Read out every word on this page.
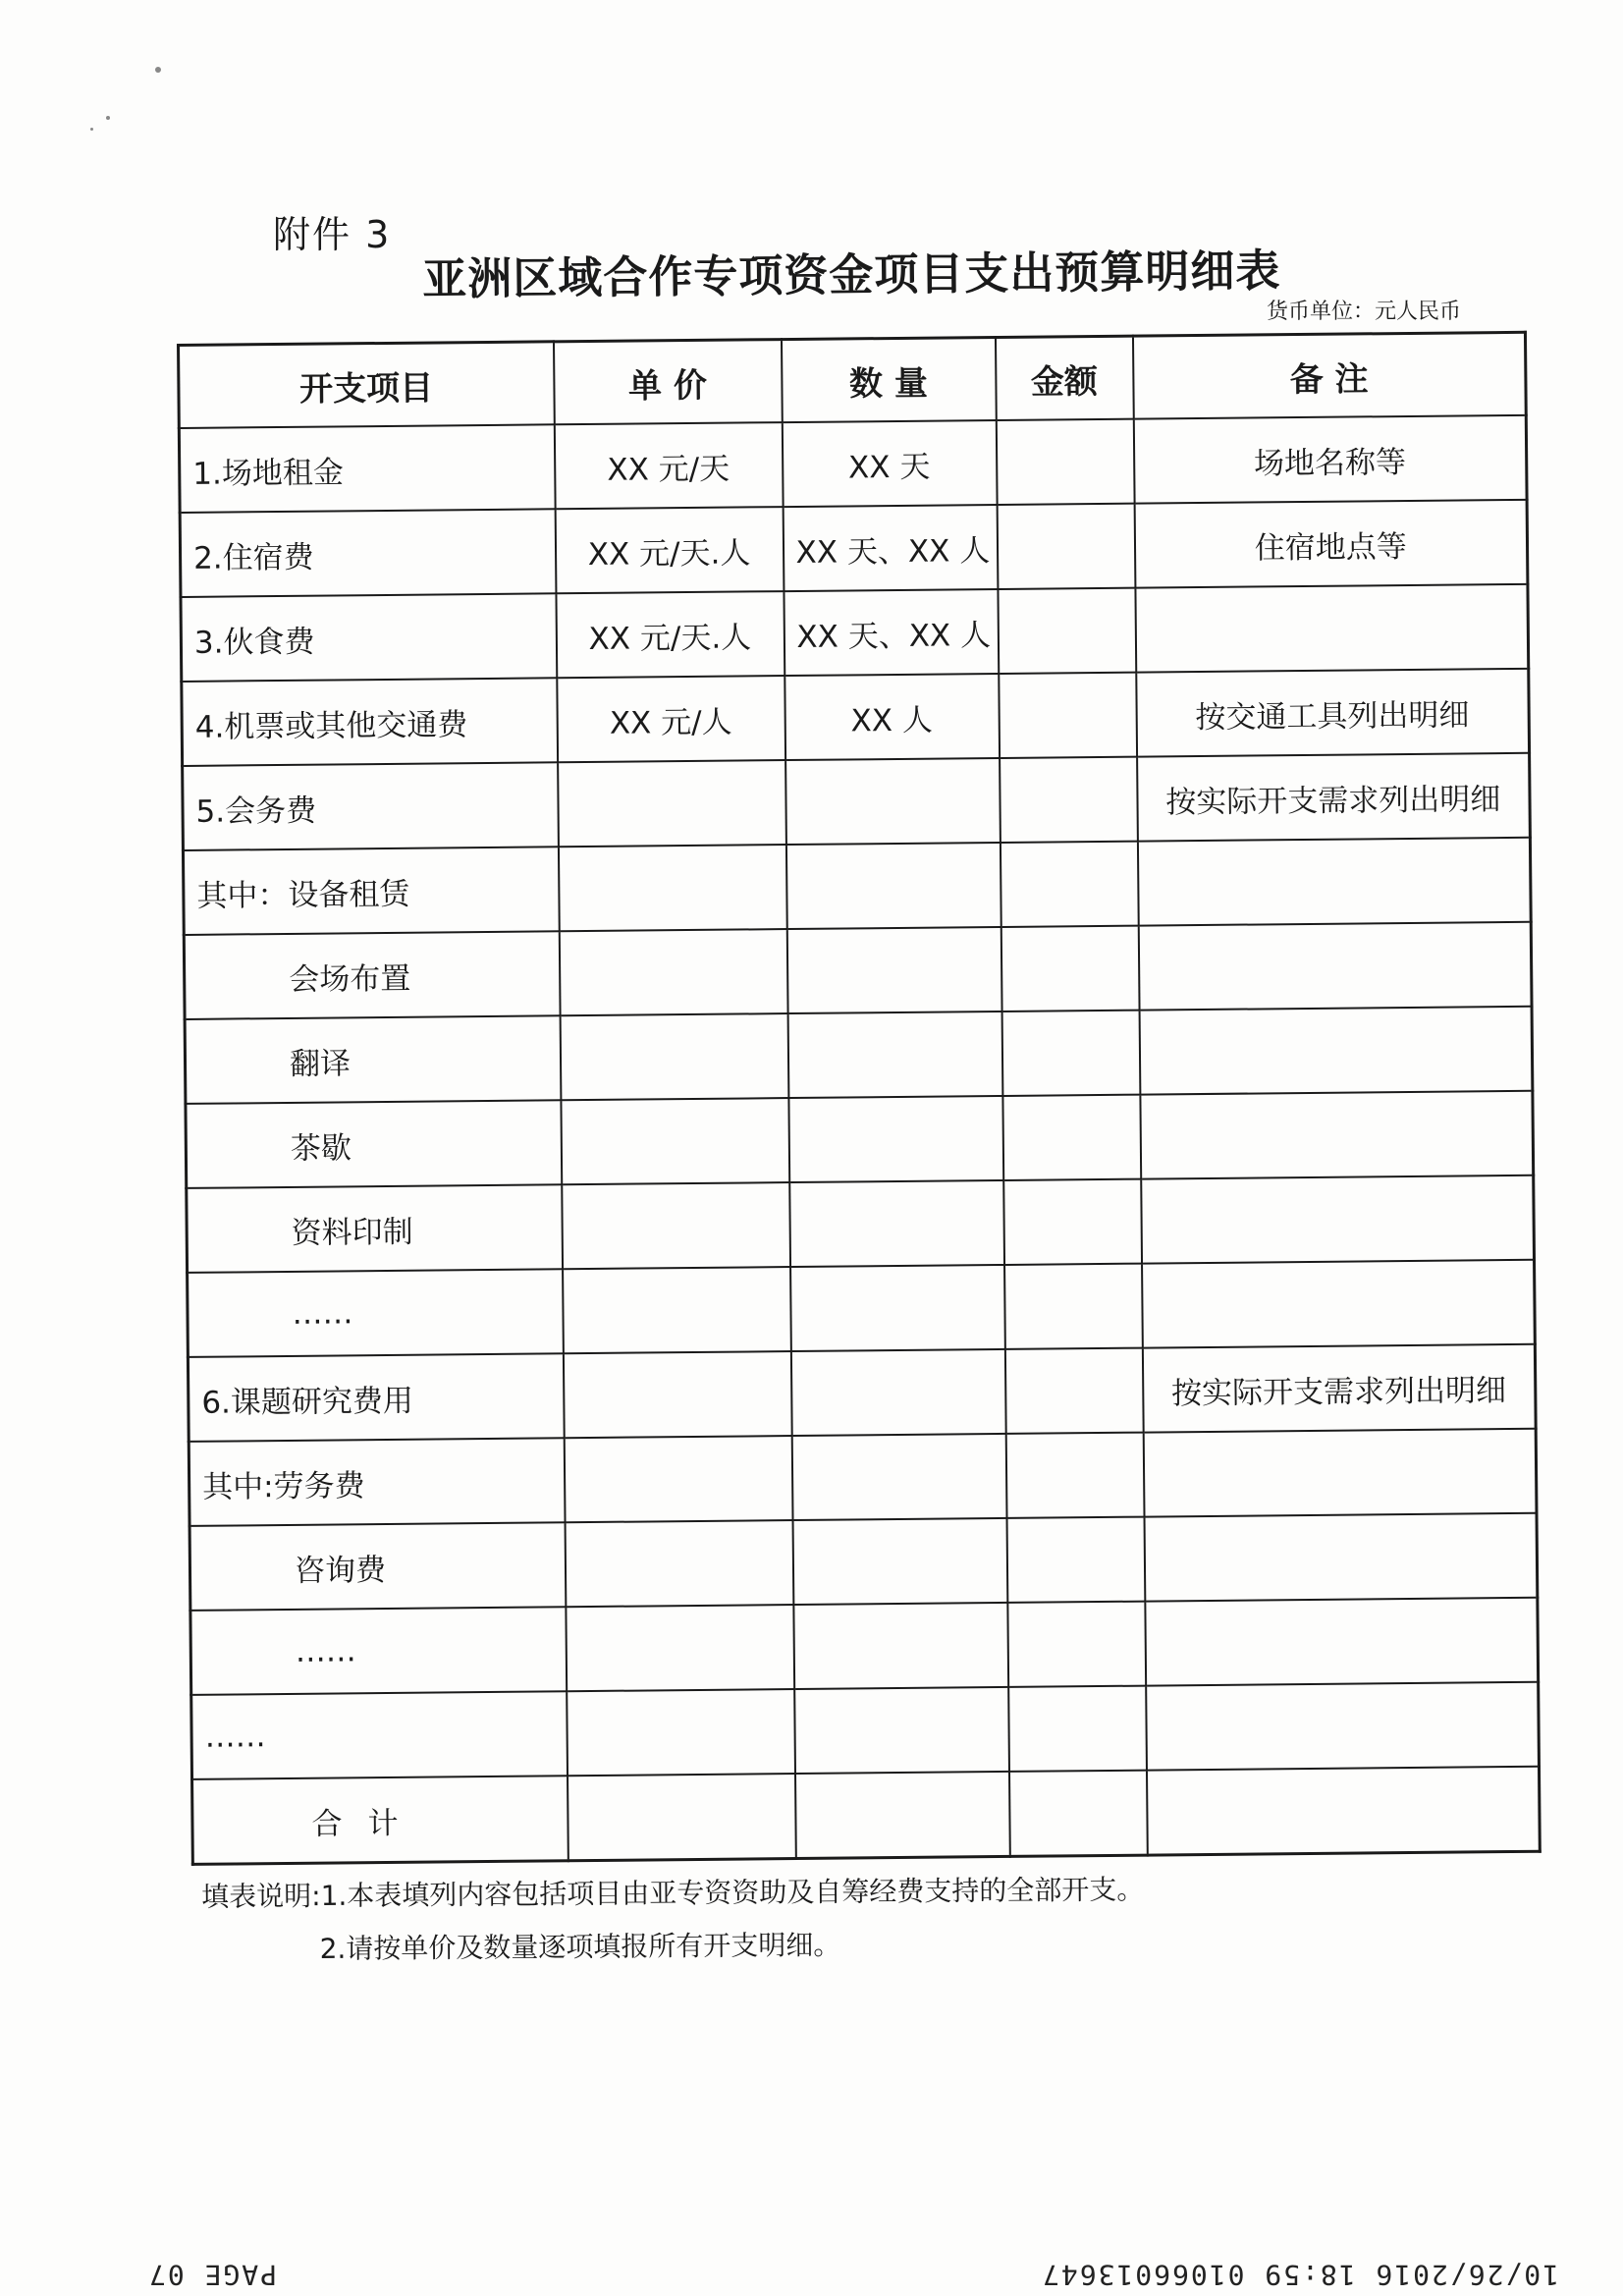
附件 3
亚洲区域合作专项资金项目支出预算明细表
货币单位：元人民币
开支项目	单 价	数 量	金额	备 注
1.场地租金	XX 元/天	XX 天		场地名称等
2.住宿费	XX 元/天.人	XX 天、XX 人		住宿地点等
3.伙食费	XX 元/天.人	XX 天、XX 人		
4.机票或其他交通费	XX 元/人	XX 人		按交通工具列出明细
5.会务费				按实际开支需求列出明细
其中：设备租赁				
会场布置				
翻译				
茶歇				
资料印制				
……				
6.课题研究费用				按实际开支需求列出明细
其中:劳务费				
咨询费				
……				
……				
合计				
填表说明:1.本表填列内容包括项目由亚专资资助及自筹经费支持的全部开支。
2.请按单价及数量逐项填报所有开支明细。
10/26/2016 18:59 01066013647
PAGE 07
